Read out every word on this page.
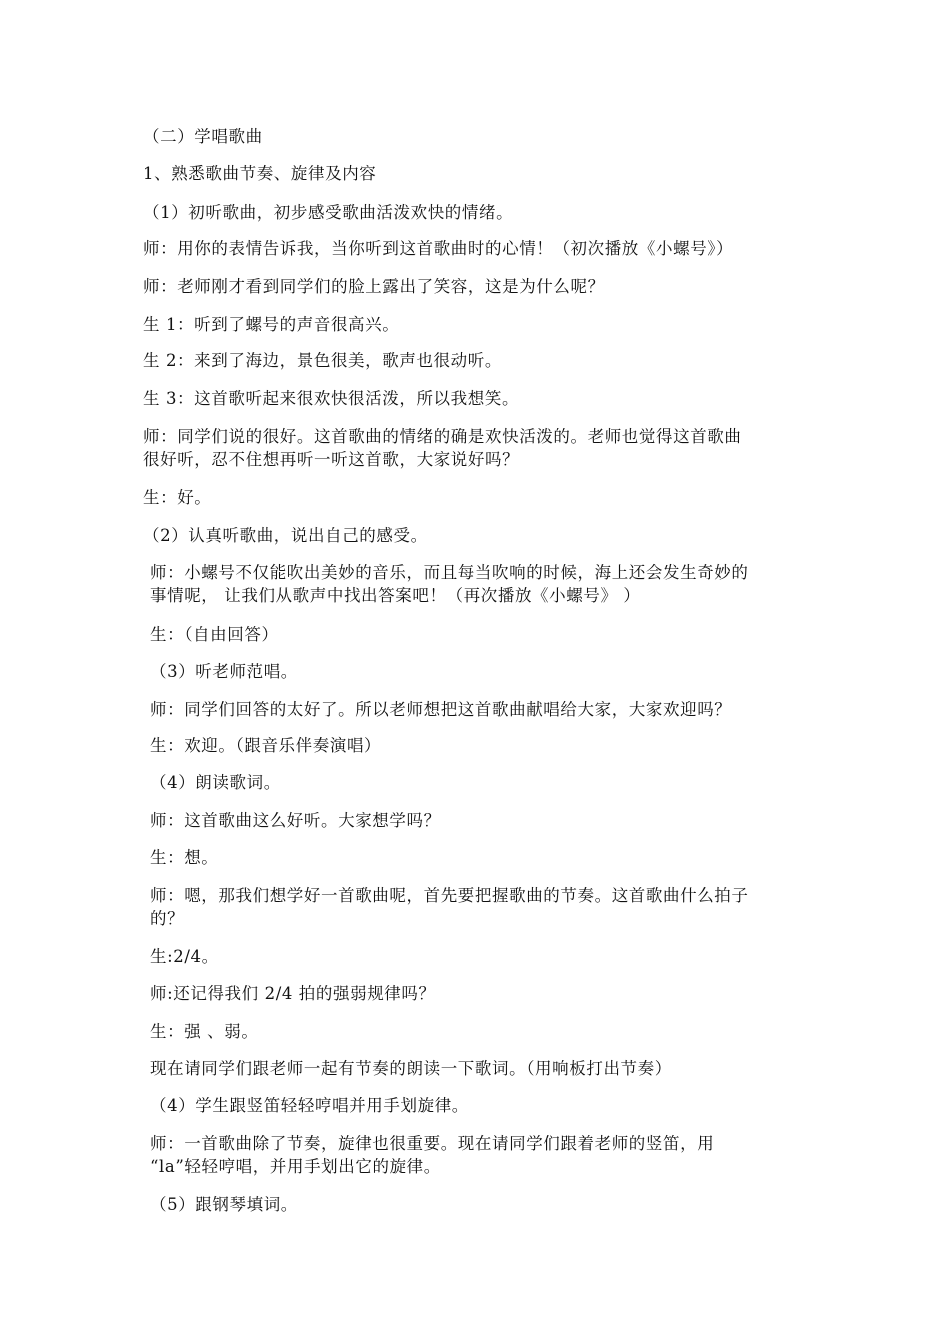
（二）学唱歌曲
1、熟悉歌曲节奏、旋律及内容
（1）初听歌曲，初步感受歌曲活泼欢快的情绪。
师：用你的表情告诉我，当你听到这首歌曲时的心情！（初次播放《小螺号》）
师：老师刚才看到同学们的脸上露出了笑容，这是为什么呢？
生 1：听到了螺号的声音很高兴。
生 2：来到了海边，景色很美，歌声也很动听。
生 3：这首歌听起来很欢快很活泼，所以我想笑。
师：同学们说的很好。这首歌曲的情绪的确是欢快活泼的。老师也觉得这首歌曲
很好听，忍不住想再听一听这首歌，大家说好吗？
生：好。
（2）认真听歌曲，说出自己的感受。
师：小螺号不仅能吹出美妙的音乐，而且每当吹响的时候，海上还会发生奇妙的
事情呢， 让我们从歌声中找出答案吧！（再次播放《小螺号》 ）
生：（自由回答）
（3）听老师范唱。
师：同学们回答的太好了。所以老师想把这首歌曲献唱给大家，大家欢迎吗？
生：欢迎。（跟音乐伴奏演唱）
（4）朗读歌词。
师：这首歌曲这么好听。大家想学吗？
生：想。
师：嗯，那我们想学好一首歌曲呢，首先要把握歌曲的节奏。这首歌曲什么拍子
的？
生:2/4。
师:还记得我们 2/4 拍的强弱规律吗？
生：强 、弱。
现在请同学们跟老师一起有节奏的朗读一下歌词。（用响板打出节奏）
（4）学生跟竖笛轻轻哼唱并用手划旋律。
师：一首歌曲除了节奏，旋律也很重要。现在请同学们跟着老师的竖笛，用
“la”轻轻哼唱，并用手划出它的旋律。
（5）跟钢琴填词。
